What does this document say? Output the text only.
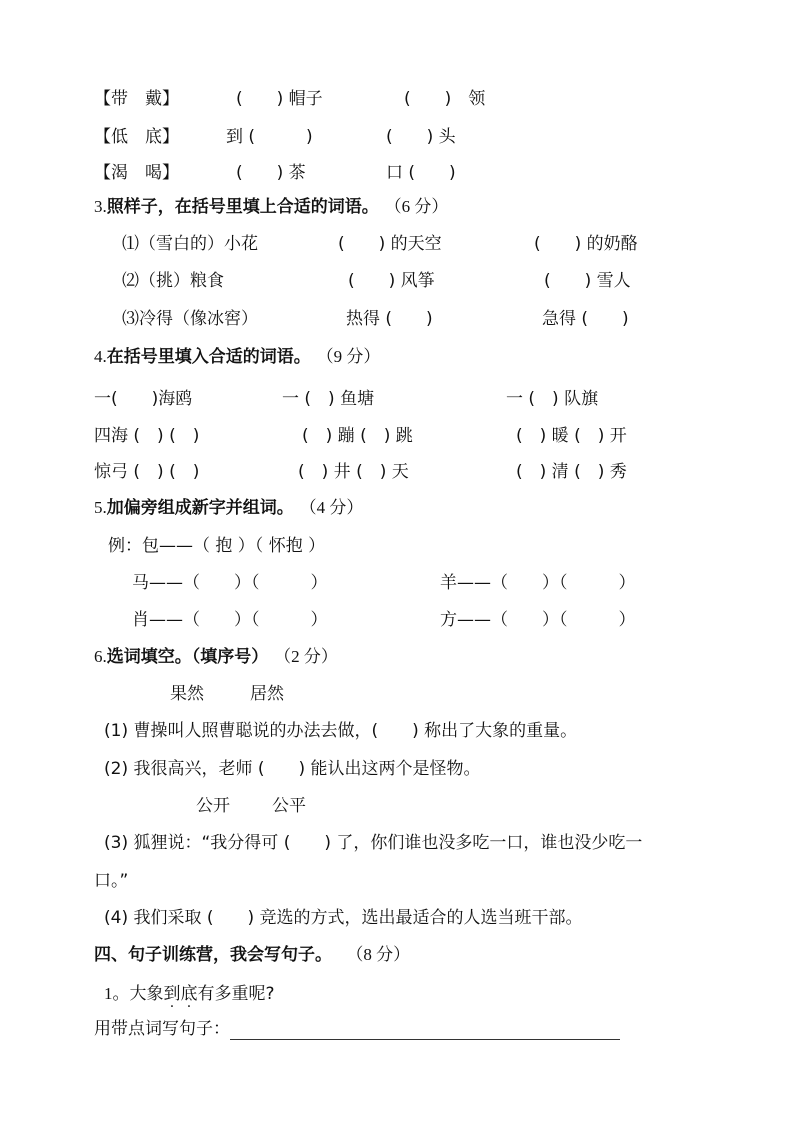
【带　戴】	(　　) 帽子	(　　)　领
【低　底】	到 (　　　)	(　　) 头
【渴　喝】	(　　) 茶	口 (　　)
3.照样子，在括号里填上合适的词语。 （6 分）
⑴（雪白的）小花	(　　) 的天空	(　　) 的奶酪
⑵（挑）粮食	(　　) 风筝	(　　) 雪人
⑶冷得（像冰窖）	热得 (　　)	急得 (　　)
4.在括号里填入合适的词语。 （9 分）
一(　　)海鸥	一 (　) 鱼塘	一 (　) 队旗
四海 (　) (　)	(　) 蹦 (　) 跳	(　) 暖 (　) 开
惊弓 (　) (　)	(　) 井 (　) 天	(　) 清 (　) 秀
5.加偏旁组成新字并组词。 （4 分）
例：包——（ 抱 ）（ 怀抱 ）
马——（　　）（　　　）	羊——（　　）（　　　）
肖——（　　）（　　　）	方——（　　）（　　　）
6.选词填空。（填序号） （2 分）
果然	居然
(1) 曹操叫人照曹聪说的办法去做，(　　) 称出了大象的重量。
(2) 我很高兴，老师 (　　) 能认出这两个是怪物。
公开 公平
(3) 狐狸说：“我分得可 (　　) 了，你们谁也没多吃一口，谁也没少吃一
口。”
(4) 我们采取 (　　) 竞选的方式，选出最适合的人选当班干部。
四、句子训练营，我会写句子。　 （8 分）
1。大象到底有多重呢?
用带点词写句子：
